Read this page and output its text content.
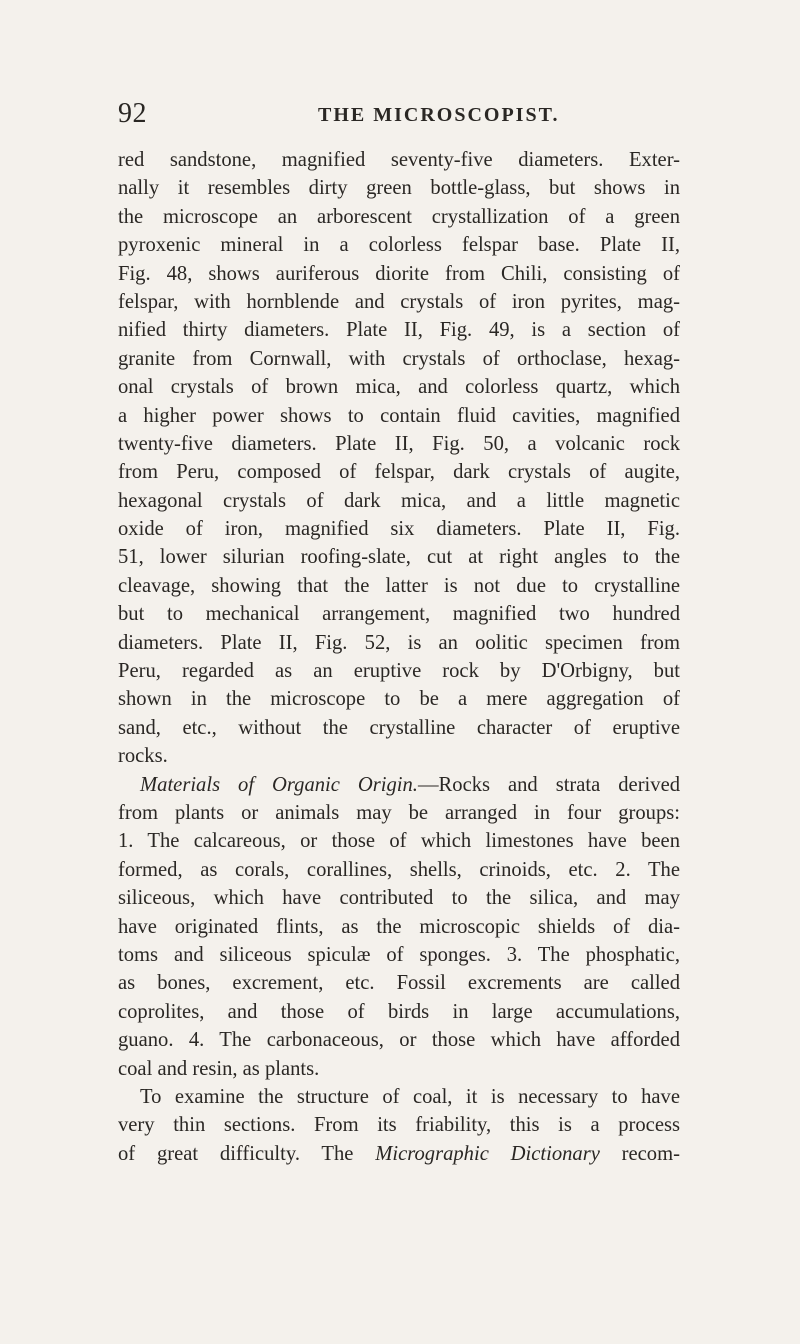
92	THE MICROSCOPIST.
red sandstone, magnified seventy-five diameters. Exter-
nally it resembles dirty green bottle-glass, but shows in
the microscope an arborescent crystallization of a green
pyroxenic mineral in a colorless felspar base. Plate II,
Fig. 48, shows auriferous diorite from Chili, consisting of
felspar, with hornblende and crystals of iron pyrites, mag-
nified thirty diameters. Plate II, Fig. 49, is a section of
granite from Cornwall, with crystals of orthoclase, hexag-
onal crystals of brown mica, and colorless quartz, which
a higher power shows to contain fluid cavities, magnified
twenty-five diameters. Plate II, Fig. 50, a volcanic rock
from Peru, composed of felspar, dark crystals of augite,
hexagonal crystals of dark mica, and a little magnetic
oxide of iron, magnified six diameters. Plate II, Fig.
51, lower silurian roofing-slate, cut at right angles to the
cleavage, showing that the latter is not due to crystalline
but to mechanical arrangement, magnified two hundred
diameters. Plate II, Fig. 52, is an oolitic specimen from
Peru, regarded as an eruptive rock by D'Orbigny, but
shown in the microscope to be a mere aggregation of
sand, etc., without the crystalline character of eruptive
rocks.
Materials of Organic Origin.—Rocks and strata derived
from plants or animals may be arranged in four groups:
1. The calcareous, or those of which limestones have been
formed, as corals, corallines, shells, crinoids, etc. 2. The
siliceous, which have contributed to the silica, and may
have originated flints, as the microscopic shields of dia-
toms and siliceous spiculæ of sponges. 3. The phosphatic,
as bones, excrement, etc. Fossil excrements are called
coprolites, and those of birds in large accumulations,
guano. 4. The carbonaceous, or those which have afforded
coal and resin, as plants.
To examine the structure of coal, it is necessary to have
very thin sections. From its friability, this is a process
of great difficulty. The Micrographic Dictionary recom-
